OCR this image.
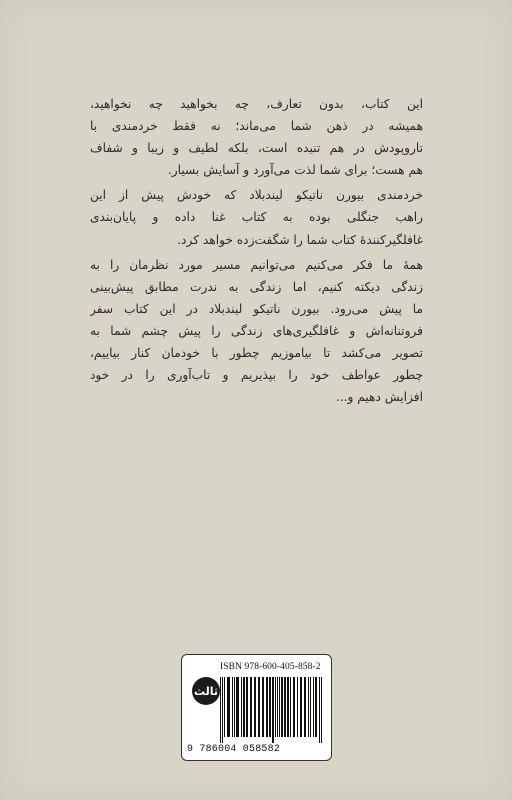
این کتاب، بدون تعارف، چه بخواهید چه نخواهید،
همیشه در ذهن شما می‌ماند؛ نه فقط خردمندی با
تاروپودش در هم تنیده است، بلکه لطیف و زیبا و شفاف
هم هست؛ برای شما لذت می‌آورد و آسایش بسیار.
خردمندی بیورن ناتیکو لیندبلاد که خودش پیش از این
راهب جنگلی بوده به کتاب غنا داده و پایان‌بندی
غافلگیرکنندهٔ کتاب شما را شگفت‌زده خواهد کرد.
همهٔ ما فکر می‌کنیم می‌توانیم مسیر مورد نظرمان را به
زندگی دیکته کنیم، اما زندگی به ندرت مطابق پیش‌بینی
ما پیش می‌رود. بیورن ناتیکو لیندبلاد در این کتاب سفر
فروتنانه‌اش و غافلگیری‌های زندگی را پیش چشم شما به
تصویر می‌کشد تا بیاموزیم چطور با خودمان کنار بیاییم،
چطور عواطف خود را بپذیریم و تاب‌آوری را در خود
افزایش دهیم و...
ISBN 978-600-405-858-2
ثالث
9 786004 058582
